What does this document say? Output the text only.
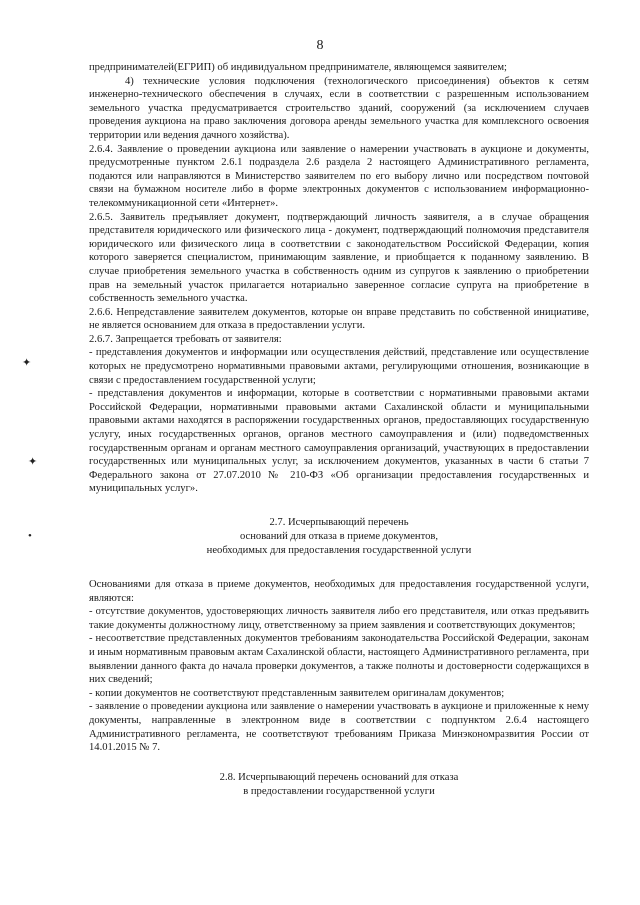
8
✦
✦
•

предпринимателей(ЕГРИП) об индивидуальном предпринимателе, являющемся заявителем;

4) технические условия подключения (технологического присоединения) объектов к сетям инженерно-технического обеспечения в случаях, если в соответствии с разрешенным использованием земельного участка предусматривается строительство зданий, сооружений (за исключением случаев проведения аукциона на право заключения договора аренды земельного участка для комплексного освоения территории или ведения дачного хозяйства).

2.6.4. Заявление о проведении аукциона или заявление о намерении участвовать в аукционе и документы, предусмотренные пунктом 2.6.1 подраздела 2.6 раздела 2 настоящего Административного регламента, подаются или направляются в Министерство заявителем по его выбору лично или посредством почтовой связи на бумажном носителе либо в форме электронных документов с использованием информационно-телекоммуникационной сети «Интернет».

2.6.5. Заявитель предъявляет документ, подтверждающий личность заявителя, а в случае обращения представителя юридического или физического лица - документ, подтверждающий полномочия представителя юридического или физического лица в соответствии с законодательством Российской Федерации, копия которого заверяется специалистом, принимающим заявление, и приобщается к поданному заявлению. В случае приобретения земельного участка в собственность одним из супругов к заявлению о приобретении прав на земельный участок прилагается нотариально заверенное согласие супруга на приобретение в собственность земельного участка.

2.6.6. Непредставление заявителем документов, которые он вправе представить по собственной инициативе, не является основанием для отказа в предоставлении услуги.

2.6.7. Запрещается требовать от заявителя:

- представления документов и информации или осуществления действий, представление или осуществление которых не предусмотрено нормативными правовыми актами, регулирующими отношения, возникающие в связи с предоставлением государственной услуги;

- представления документов и информации, которые в соответствии с нормативными правовыми актами Российской Федерации, нормативными правовыми актами Сахалинской области и муниципальными правовыми актами находятся в распоряжении государственных органов, предоставляющих государственную услугу, иных государственных органов, органов местного самоуправления и (или) подведомственных государственным органам и органам местного самоуправления организаций, участвующих в предоставлении государственных или муниципальных услуг, за исключением документов, указанных в части 6 статьи 7 Федерального закона от 27.07.2010 № 210-ФЗ «Об организации предоставления государственных и муниципальных услуг».

2.7. Исчерпывающий перечень

оснований для отказа в приеме документов,

необходимых для предоставления государственной услуги

Основаниями для отказа в приеме документов, необходимых для предоставления государственной услуги, являются:

- отсутствие документов, удостоверяющих личность заявителя либо его представителя, или отказ предъявить такие документы должностному лицу, ответственному за прием заявления и соответствующих документов;

- несоответствие представленных документов требованиям законодательства Российской Федерации, законам и иным нормативным правовым актам Сахалинской области, настоящего Административного регламента, при выявлении данного факта до начала проверки документов, а также полноты и достоверности содержащихся в них сведений;

- копии документов не соответствуют представленным заявителем оригиналам документов;

- заявление о проведении аукциона или заявление о намерении участвовать в аукционе и приложенные к нему документы, направленные в электронном виде в соответствии с подпунктом 2.6.4 настоящего Административного регламента, не соответствуют требованиям Приказа Минэкономразвития России от 14.01.2015 № 7.

2.8. Исчерпывающий перечень оснований для отказа

в предоставлении государственной услуги
